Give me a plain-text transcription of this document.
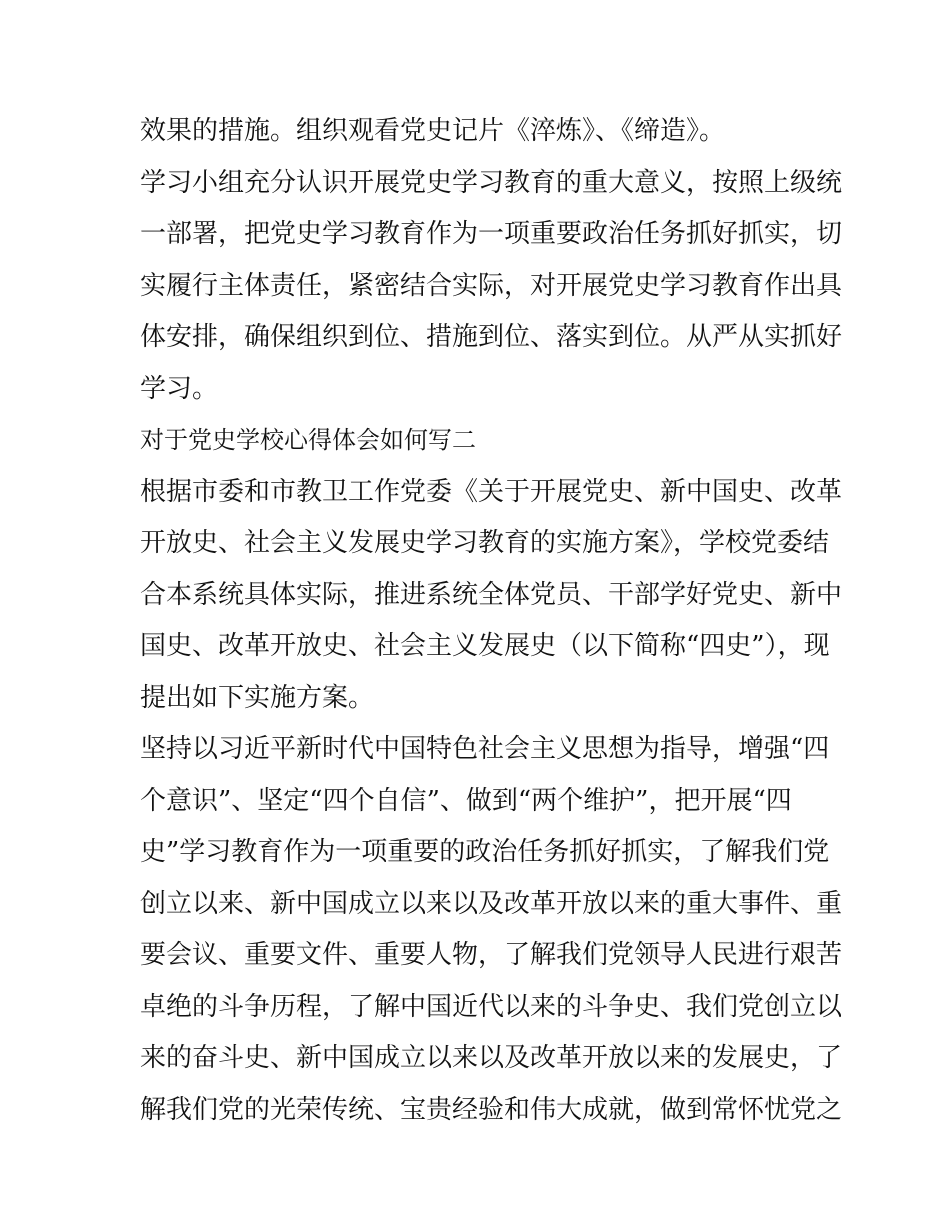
效果的措施。组织观看党史记片《淬炼》、《缔造》。
学习小组充分认识开展党史学习教育的重大意义，按照上级统
一部署，把党史学习教育作为一项重要政治任务抓好抓实，切
实履行主体责任，紧密结合实际，对开展党史学习教育作出具
体安排，确保组织到位、措施到位、落实到位。从严从实抓好
学习。
对于党史学校心得体会如何写二
根据市委和市教卫工作党委《关于开展党史、新中国史、改革
开放史、社会主义发展史学习教育的实施方案》，学校党委结
合本系统具体实际，推进系统全体党员、干部学好党史、新中
国史、改革开放史、社会主义发展史（以下简称“四史”），现
提出如下实施方案。
坚持以习近平新时代中国特色社会主义思想为指导，增强“四
个意识”、坚定“四个自信”、做到“两个维护”，把开展“四
史”学习教育作为一项重要的政治任务抓好抓实，了解我们党
创立以来、新中国成立以来以及改革开放以来的重大事件、重
要会议、重要文件、重要人物，了解我们党领导人民进行艰苦
卓绝的斗争历程，了解中国近代以来的斗争史、我们党创立以
来的奋斗史、新中国成立以来以及改革开放以来的发展史，了
解我们党的光荣传统、宝贵经验和伟大成就，做到常怀忧党之
